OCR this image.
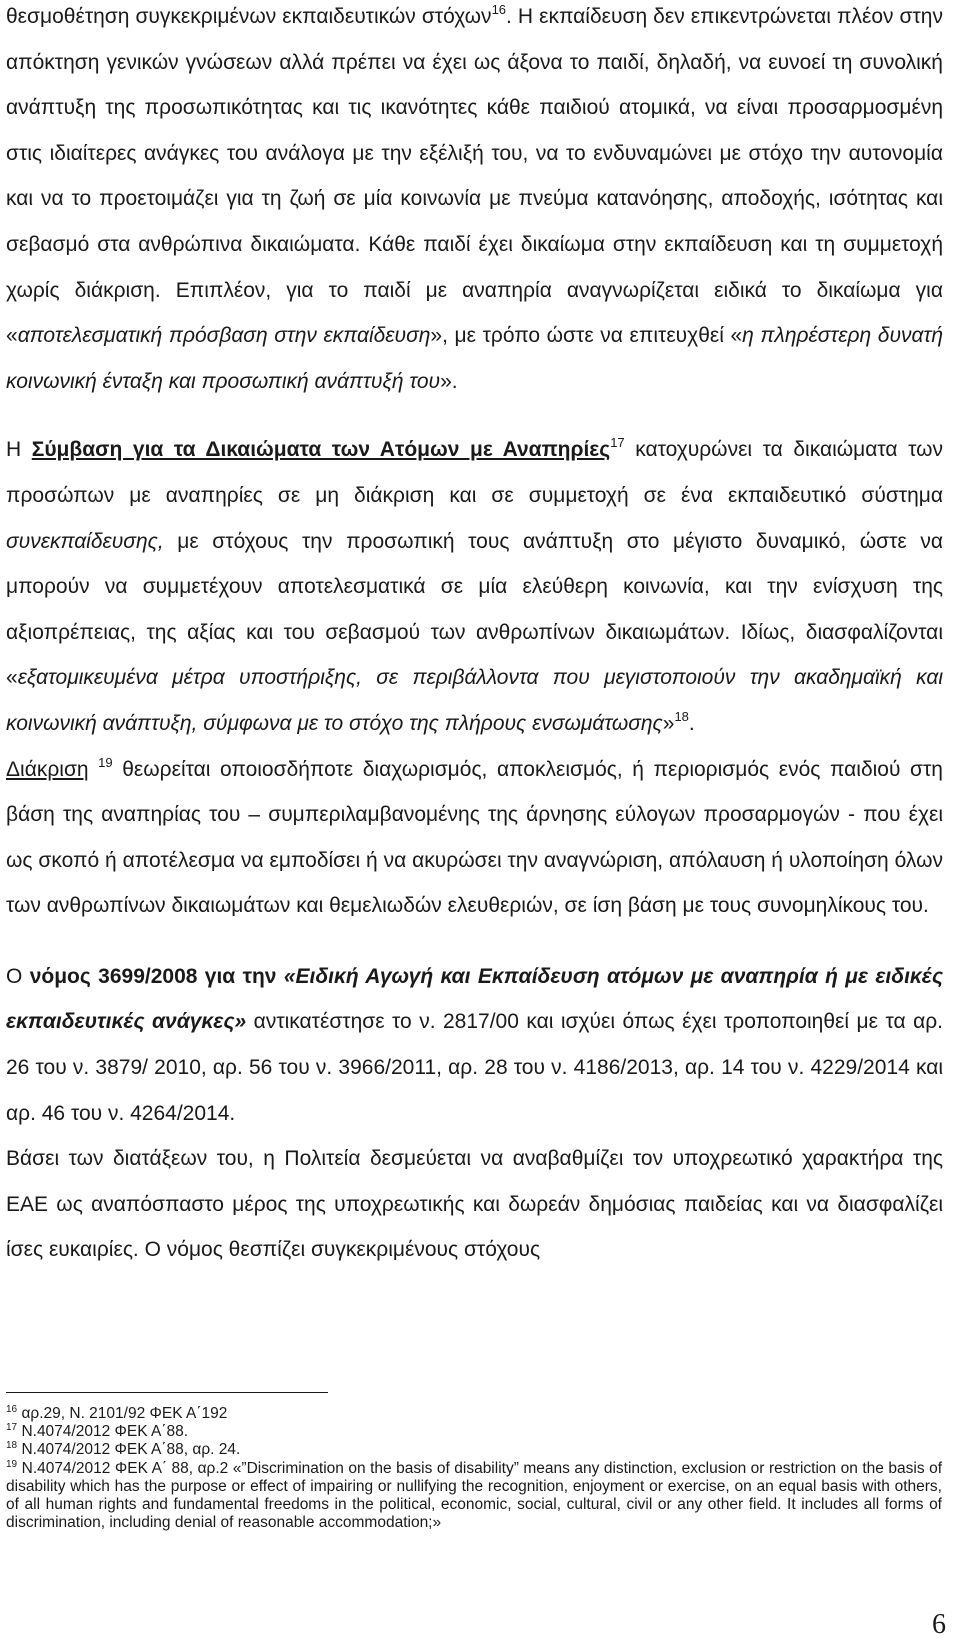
θεσμοθέτηση συγκεκριμένων εκπαιδευτικών στόχων$^{16}$. Η εκπαίδευση δεν επικεντρώνεται πλέον στην απόκτηση γενικών γνώσεων αλλά πρέπει να έχει ως άξονα το παιδί, δηλαδή, να ευνοεί τη συνολική ανάπτυξη της προσωπικότητας και τις ικανότητες κάθε παιδιού ατομικά, να είναι προσαρμοσμένη στις ιδιαίτερες ανάγκες του ανάλογα με την εξέλιξή του, να το ενδυναμώνει με στόχο την αυτονομία και να το προετοιμάζει για τη ζωή σε μία κοινωνία με πνεύμα κατανόησης, αποδοχής, ισότητας και σεβασμό στα ανθρώπινα δικαιώματα. Κάθε παιδί έχει δικαίωμα στην εκπαίδευση και τη συμμετοχή χωρίς διάκριση. Επιπλέον, για το παιδί με αναπηρία αναγνωρίζεται ειδικά το δικαίωμα για «αποτελεσματική πρόσβαση στην εκπαίδευση», με τρόπο ώστε να επιτευχθεί «η πληρέστερη δυνατή κοινωνική ένταξη και προσωπική ανάπτυξή του».

Η Σύμβαση για τα Δικαιώματα των Ατόμων με Αναπηρίες$^{17}$ κατοχυρώνει τα δικαιώματα των προσώπων με αναπηρίες σε μη διάκριση και σε συμμετοχή σε ένα εκπαιδευτικό σύστημα συνεκπαίδευσης, με στόχους την προσωπική τους ανάπτυξη στο μέγιστο δυναμικό, ώστε να μπορούν να συμμετέχουν αποτελεσματικά σε μία ελεύθερη κοινωνία, και την ενίσχυση της αξιοπρέπειας, της αξίας και του σεβασμού των ανθρωπίνων δικαιωμάτων. Ιδίως, διασφαλίζονται «εξατομικευμένα μέτρα υποστήριξης, σε περιβάλλοντα που μεγιστοποιούν την ακαδημαϊκή και κοινωνική ανάπτυξη, σύμφωνα με το στόχο της πλήρους ενσωμάτωσης»$^{18}$.

Διάκριση $^{19}$ θεωρείται οποιοσδήποτε διαχωρισμός, αποκλεισμός, ή περιορισμός ενός παιδιού στη βάση της αναπηρίας του – συμπεριλαμβανομένης της άρνησης εύλογων προσαρμογών - που έχει ως σκοπό ή αποτέλεσμα να εμποδίσει ή να ακυρώσει την αναγνώριση, απόλαυση ή υλοποίηση όλων των ανθρωπίνων δικαιωμάτων και θεμελιωδών ελευθεριών, σε ίση βάση με τους συνομηλίκους του.

Ο νόμος 3699/2008 για την «Ειδική Αγωγή και Εκπαίδευση ατόμων με αναπηρία ή με ειδικές εκπαιδευτικές ανάγκες» αντικατέστησε το ν. 2817/00 και ισχύει όπως έχει τροποποιηθεί με τα αρ. 26 του ν. 3879/ 2010, αρ. 56 του ν. 3966/2011, αρ. 28 του ν. 4186/2013, αρ. 14 του ν. 4229/2014 και αρ. 46 του ν. 4264/2014.

Βάσει των διατάξεων του, η Πολιτεία δεσμεύεται να αναβαθμίζει τον υποχρεωτικό χαρακτήρα της ΕΑΕ ως αναπόσπαστο μέρος της υποχρεωτικής και δωρεάν δημόσιας παιδείας και να διασφαλίζει ίσες ευκαιρίες. Ο νόμος θεσπίζει συγκεκριμένους στόχους

$^{16}$ αρ.29, Ν. 2101/92 ΦΕΚ Α΄192
$^{17}$ Ν.4074/2012 ΦΕΚ Α΄88.
$^{18}$ Ν.4074/2012 ΦΕΚ Α΄88, αρ. 24.
$^{19}$ Ν.4074/2012 ΦΕΚ Α΄ 88, αρ.2 «”Discrimination on the basis of disability” means any distinction, exclusion or restriction on the basis of disability which has the purpose or effect of impairing or nullifying the recognition, enjoyment or exercise, on an equal basis with others, of all human rights and fundamental freedoms in the political, economic, social, cultural, civil or any other field. It includes all forms of discrimination, including denial of reasonable accommodation;»
6
